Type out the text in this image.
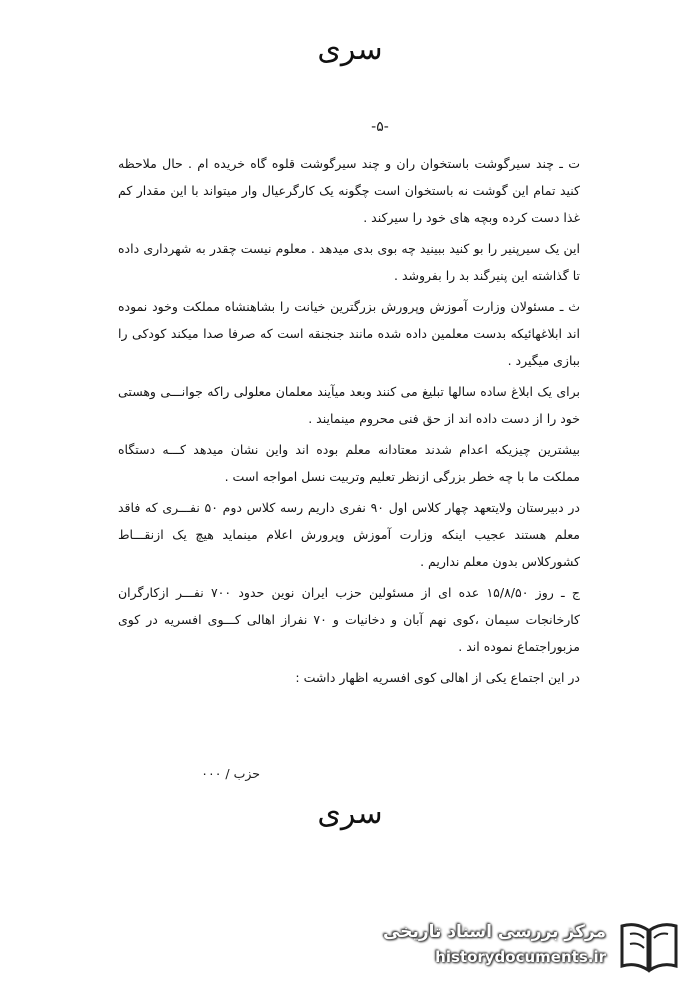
سری
-۵-

ت ـ چند سیرگوشت باستخوان ران و چند سیرگوشت قلوه گاه خریده ام . حال ملاحظه کنید تمام این گوشت نه باستخوان است چگونه یک کارگرعیال وار میتواند با این مقدار کم غذا دست کرده وبچه های خود را سیرکند .

این یک سیرپنیر را بو کنید ببینید چه بوی بدی میدهد . معلوم نیست چقدر به شهرداری داده تا گذاشته این پنیرگند بد را بفروشد .

ث ـ مسئولان وزارت آموزش وپرورش بزرگترین خیانت را بشاهنشاه مملکت وخود نموده اند ابلاغهائیکه بدست معلمین داده شده مانند جنجنقه است که صرفا صدا میکند کودکی را ببازی میگیرد .

برای یک ابلاغ ساده سالها تبلیغ می کنند وبعد میآیند معلمان معلولی راکه جوانـــی وهستی خود را از دست داده اند از حق فنی محروم مینمایند .

بیشترین چیزیکه اعدام شدند معتادانه معلم بوده اند واین نشان میدهد کـــه دستگاه مملکت ما با چه خطر بزرگی ازنظر تعلیم وتربیت نسل امواجه است .

در دبیرستان ولایتعهد چهار کلاس اول ۹۰ نفری داریم رسه کلاس دوم ۵۰ نفـــری که فاقد معلم هستند عجیب اینکه وزارت آموزش وپرورش اعلام مینماید هیچ یک ازنقـــاط کشورکلاس بدون معلم نداریم .

ج ـ روز ۱۵/۸/۵۰ عده ای از مسئولین حزب ایران نوین حدود ۷۰۰ نفـــر ازکارگران کارخانجات سیمان ،کوی نهم آبان و دخانیات و ۷۰ نفراز اهالی کـــوی افسریه در کوی مزبوراجتماع نموده اند .

در این اجتماع یکی از اهالی کوی افسریه اظهار داشت :

حزب / ۰۰۰
سری
مرکز بررسی اسناد تاریخی
historydocuments.ir
